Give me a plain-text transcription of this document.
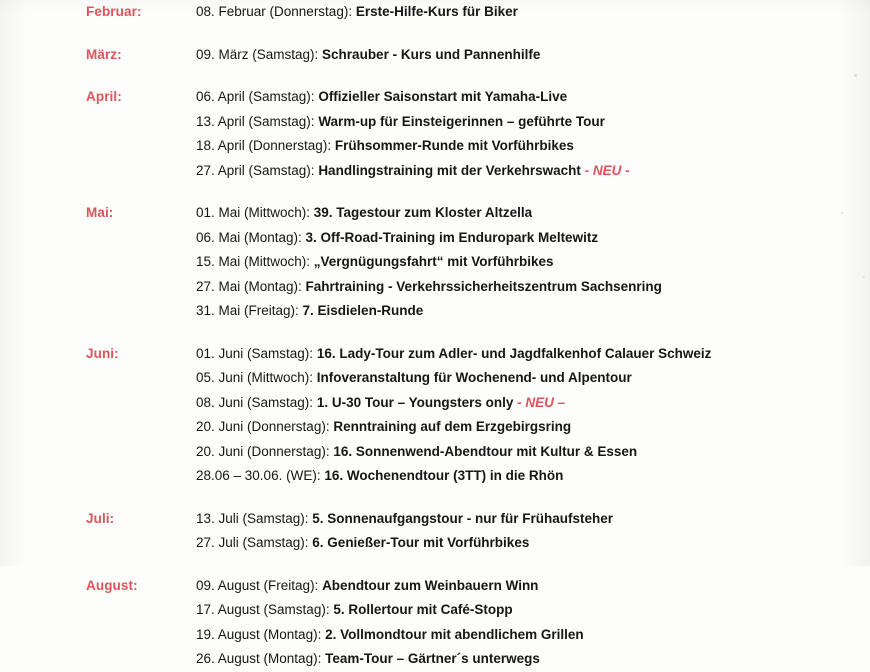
Februar:	08. Februar (Donnerstag): Erste-Hilfe-Kurs für Biker
März:	09. März (Samstag): Schrauber - Kurs und Pannenhilfe
April:	06. April (Samstag): Offizieller Saisonstart mit Yamaha-Live
13. April (Samstag): Warm-up für Einsteigerinnen – geführte Tour
18. April (Donnerstag): Frühsommer-Runde mit Vorführbikes
27. April (Samstag): Handlingstraining mit der Verkehrswacht - NEU -
Mai:	01. Mai (Mittwoch): 39. Tagestour zum Kloster Altzella
06. Mai (Montag): 3. Off-Road-Training im Enduropark Meltewitz
15. Mai (Mittwoch): „Vergnügungsfahrt“ mit Vorführbikes
27. Mai (Montag): Fahrtraining - Verkehrssicherheitszentrum Sachsenring
31. Mai (Freitag): 7. Eisdielen-Runde
Juni:	01. Juni (Samstag): 16. Lady-Tour zum Adler- und Jagdfalkenhof Calauer Schweiz
05. Juni (Mittwoch): Infoveranstaltung für Wochenend- und Alpentour
08. Juni (Samstag): 1. U-30 Tour – Youngsters only - NEU –
20. Juni (Donnerstag): Renntraining auf dem Erzgebirgsring
20. Juni (Donnerstag): 16. Sonnenwend-Abendtour mit Kultur & Essen
28.06 – 30.06. (WE): 16. Wochenendtour (3TT) in die Rhön
Juli:	13. Juli (Samstag): 5. Sonnenaufgangstour - nur für Frühaufsteher
27. Juli (Samstag): 6. Genießer-Tour mit Vorführbikes
August:	09. August (Freitag): Abendtour zum Weinbauern Winn
17. August (Samstag): 5. Rollertour mit Café-Stopp
19. August (Montag): 2. Vollmondtour mit abendlichem Grillen
26. August (Montag): Team-Tour – Gärtner´s unterwegs
